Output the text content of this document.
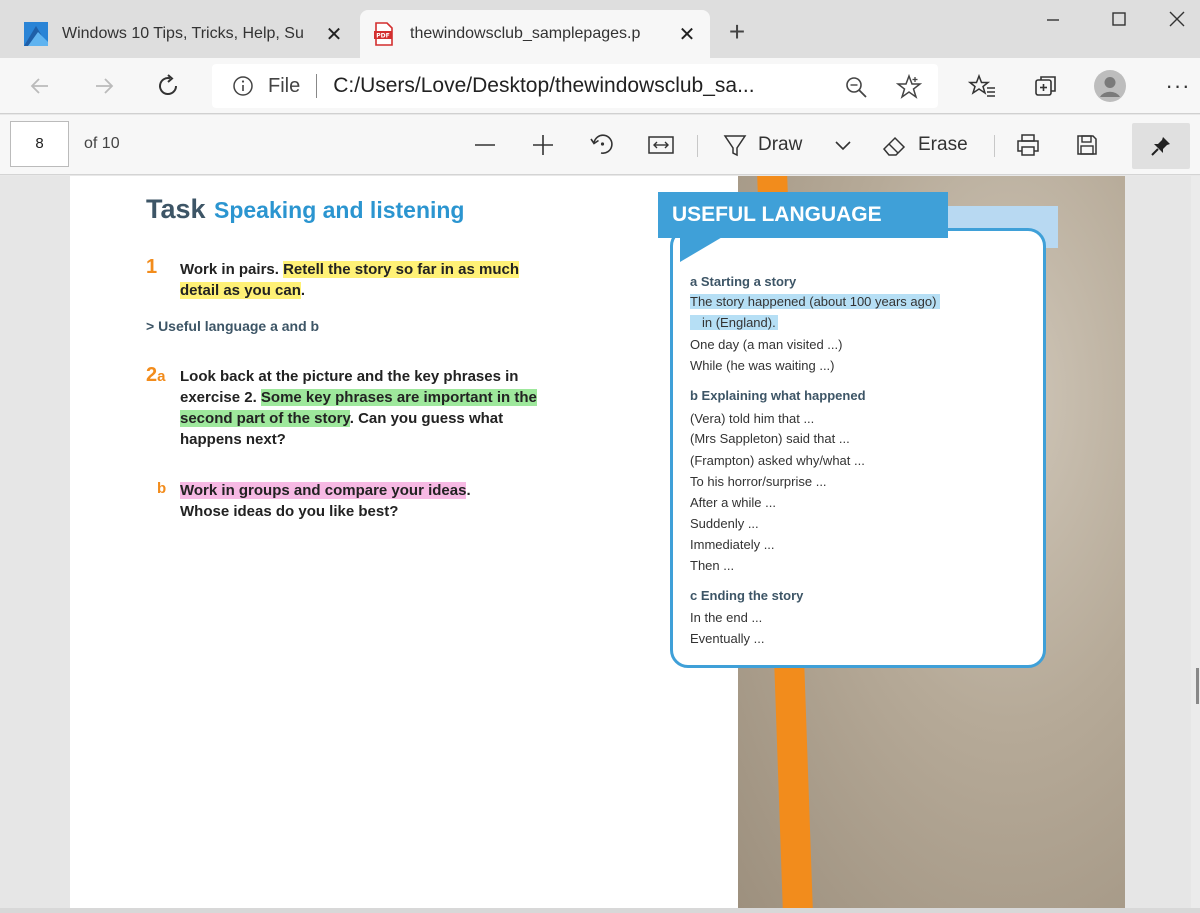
Windows 10 Tips, Tricks, Help, Su	✕	PDF thewindowsclub_samplepages.p	✕ +
File C:/Users/Love/Desktop/thewindowsclub_sa...	···
8	of 10	Draw	Erase
Task Speaking and listening
1 Work in pairs. Retell the story so far in as much detail as you can.
> Useful language a and b
2a Look back at the picture and the key phrases in exercise 2. Some key phrases are important in the second part of the story. Can you guess what happens next?
b Work in groups and compare your ideas.
Whose ideas do you like best?
USEFUL LANGUAGE
a Starting a story
The story happened (about 100 years ago)
in (England).
One day (a man visited ...)
While (he was waiting ...)
b Explaining what happened
(Vera) told him that ...
(Mrs Sappleton) said that ...
(Frampton) asked why/what ...
To his horror/surprise ...
After a while ...
Suddenly ...
Immediately ...
Then ...
c Ending the story
In the end ...
Eventually ...
